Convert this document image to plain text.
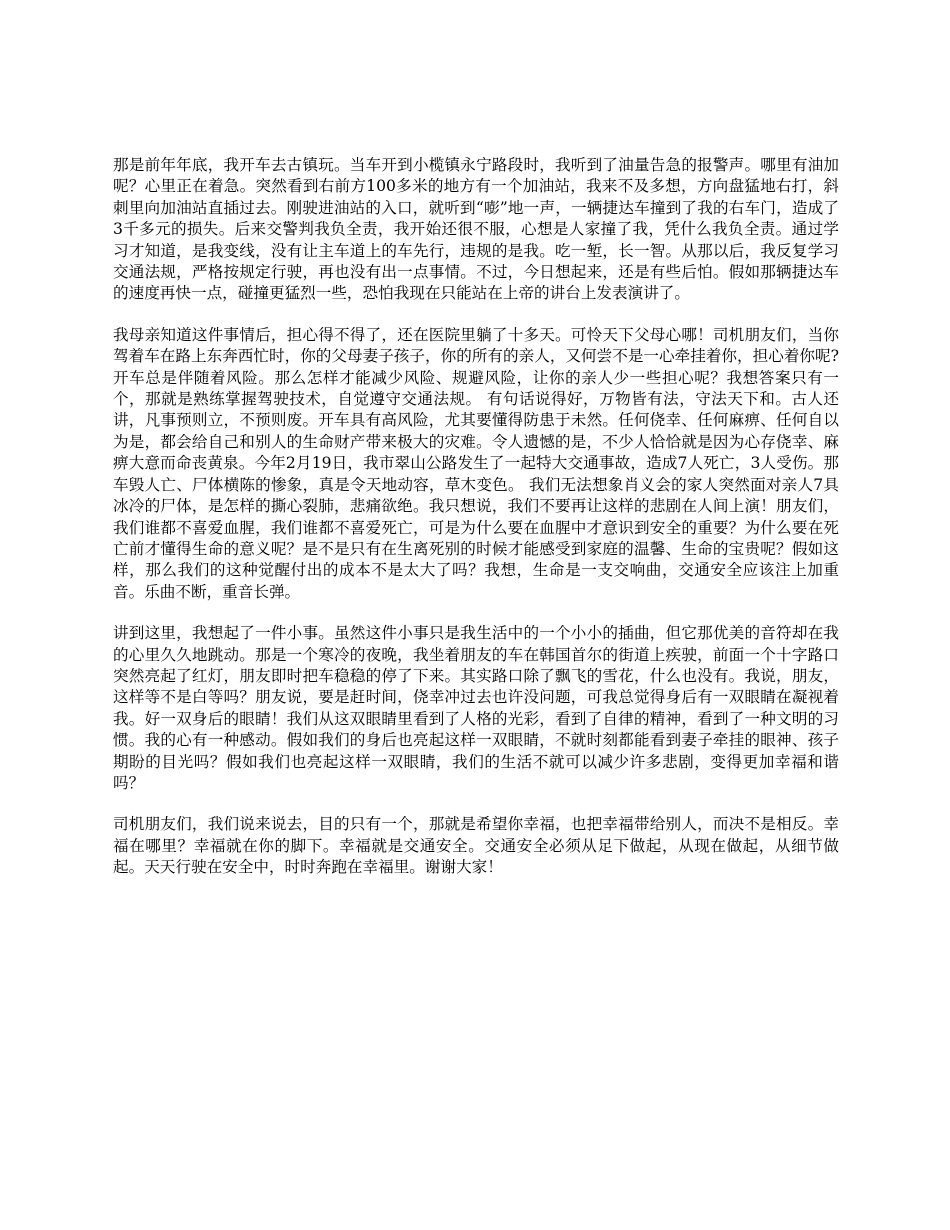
那是前年年底，我开车去古镇玩。当车开到小榄镇永宁路段时，我听到了油量告急的报警声。哪里有油加呢？心里正在着急。突然看到右前方100多米的地方有一个加油站，我来不及多想，方向盘猛地右打，斜刺里向加油站直插过去。刚驶进油站的入口，就听到“嘭”地一声，一辆捷达车撞到了我的右车门，造成了3千多元的损失。后来交警判我负全责，我开始还很不服，心想是人家撞了我，凭什么我负全责。通过学习才知道，是我变线，没有让主车道上的车先行，违规的是我。吃一堑，长一智。从那以后，我反复学习交通法规，严格按规定行驶，再也没有出一点事情。不过，今日想起来，还是有些后怕。假如那辆捷达车的速度再快一点，碰撞更猛烈一些，恐怕我现在只能站在上帝的讲台上发表演讲了。

我母亲知道这件事情后，担心得不得了，还在医院里躺了十多天。可怜天下父母心哪！司机朋友们，当你驾着车在路上东奔西忙时，你的父母妻子孩子，你的所有的亲人，又何尝不是一心牵挂着你，担心着你呢?开车总是伴随着风险。那么怎样才能减少风险、规避风险，让你的亲人少一些担心呢？我想答案只有一个，那就是熟练掌握驾驶技术，自觉遵守交通法规。 有句话说得好，万物皆有法，守法天下和。古人还讲，凡事预则立，不预则废。开车具有高风险，尤其要懂得防患于未然。任何侥幸、任何麻痹、任何自以为是，都会给自己和别人的生命财产带来极大的灾难。令人遗憾的是，不少人恰恰就是因为心存侥幸、麻痹大意而命丧黄泉。今年2月19日，我市翠山公路发生了一起特大交通事故，造成7人死亡，3人受伤。那车毁人亡、尸体横陈的惨象，真是令天地动容，草木变色。 我们无法想象肖义会的家人突然面对亲人7具冰冷的尸体，是怎样的撕心裂肺，悲痛欲绝。我只想说，我们不要再让这样的悲剧在人间上演！朋友们，我们谁都不喜爱血腥，我们谁都不喜爱死亡，可是为什么要在血腥中才意识到安全的重要？为什么要在死亡前才懂得生命的意义呢？是不是只有在生离死别的时候才能感受到家庭的温馨、生命的宝贵呢？假如这样，那么我们的这种觉醒付出的成本不是太大了吗？我想，生命是一支交响曲，交通安全应该注上加重音。乐曲不断，重音长弹。

讲到这里，我想起了一件小事。虽然这件小事只是我生活中的一个小小的插曲，但它那优美的音符却在我的心里久久地跳动。那是一个寒冷的夜晚，我坐着朋友的车在韩国首尔的街道上疾驶，前面一个十字路口突然亮起了红灯，朋友即时把车稳稳的停了下来。其实路口除了飘飞的雪花，什么也没有。我说，朋友，这样等不是白等吗？朋友说，要是赶时间，侥幸冲过去也许没问题，可我总觉得身后有一双眼睛在凝视着我。好一双身后的眼睛！我们从这双眼睛里看到了人格的光彩，看到了自律的精神，看到了一种文明的习惯。我的心有一种感动。假如我们的身后也亮起这样一双眼睛，不就时刻都能看到妻子牵挂的眼神、孩子期盼的目光吗？假如我们也亮起这样一双眼睛，我们的生活不就可以减少许多悲剧，变得更加幸福和谐吗？

司机朋友们，我们说来说去，目的只有一个，那就是希望你幸福，也把幸福带给别人，而决不是相反。幸福在哪里？幸福就在你的脚下。幸福就是交通安全。交通安全必须从足下做起，从现在做起，从细节做起。天天行驶在安全中，时时奔跑在幸福里。谢谢大家！
